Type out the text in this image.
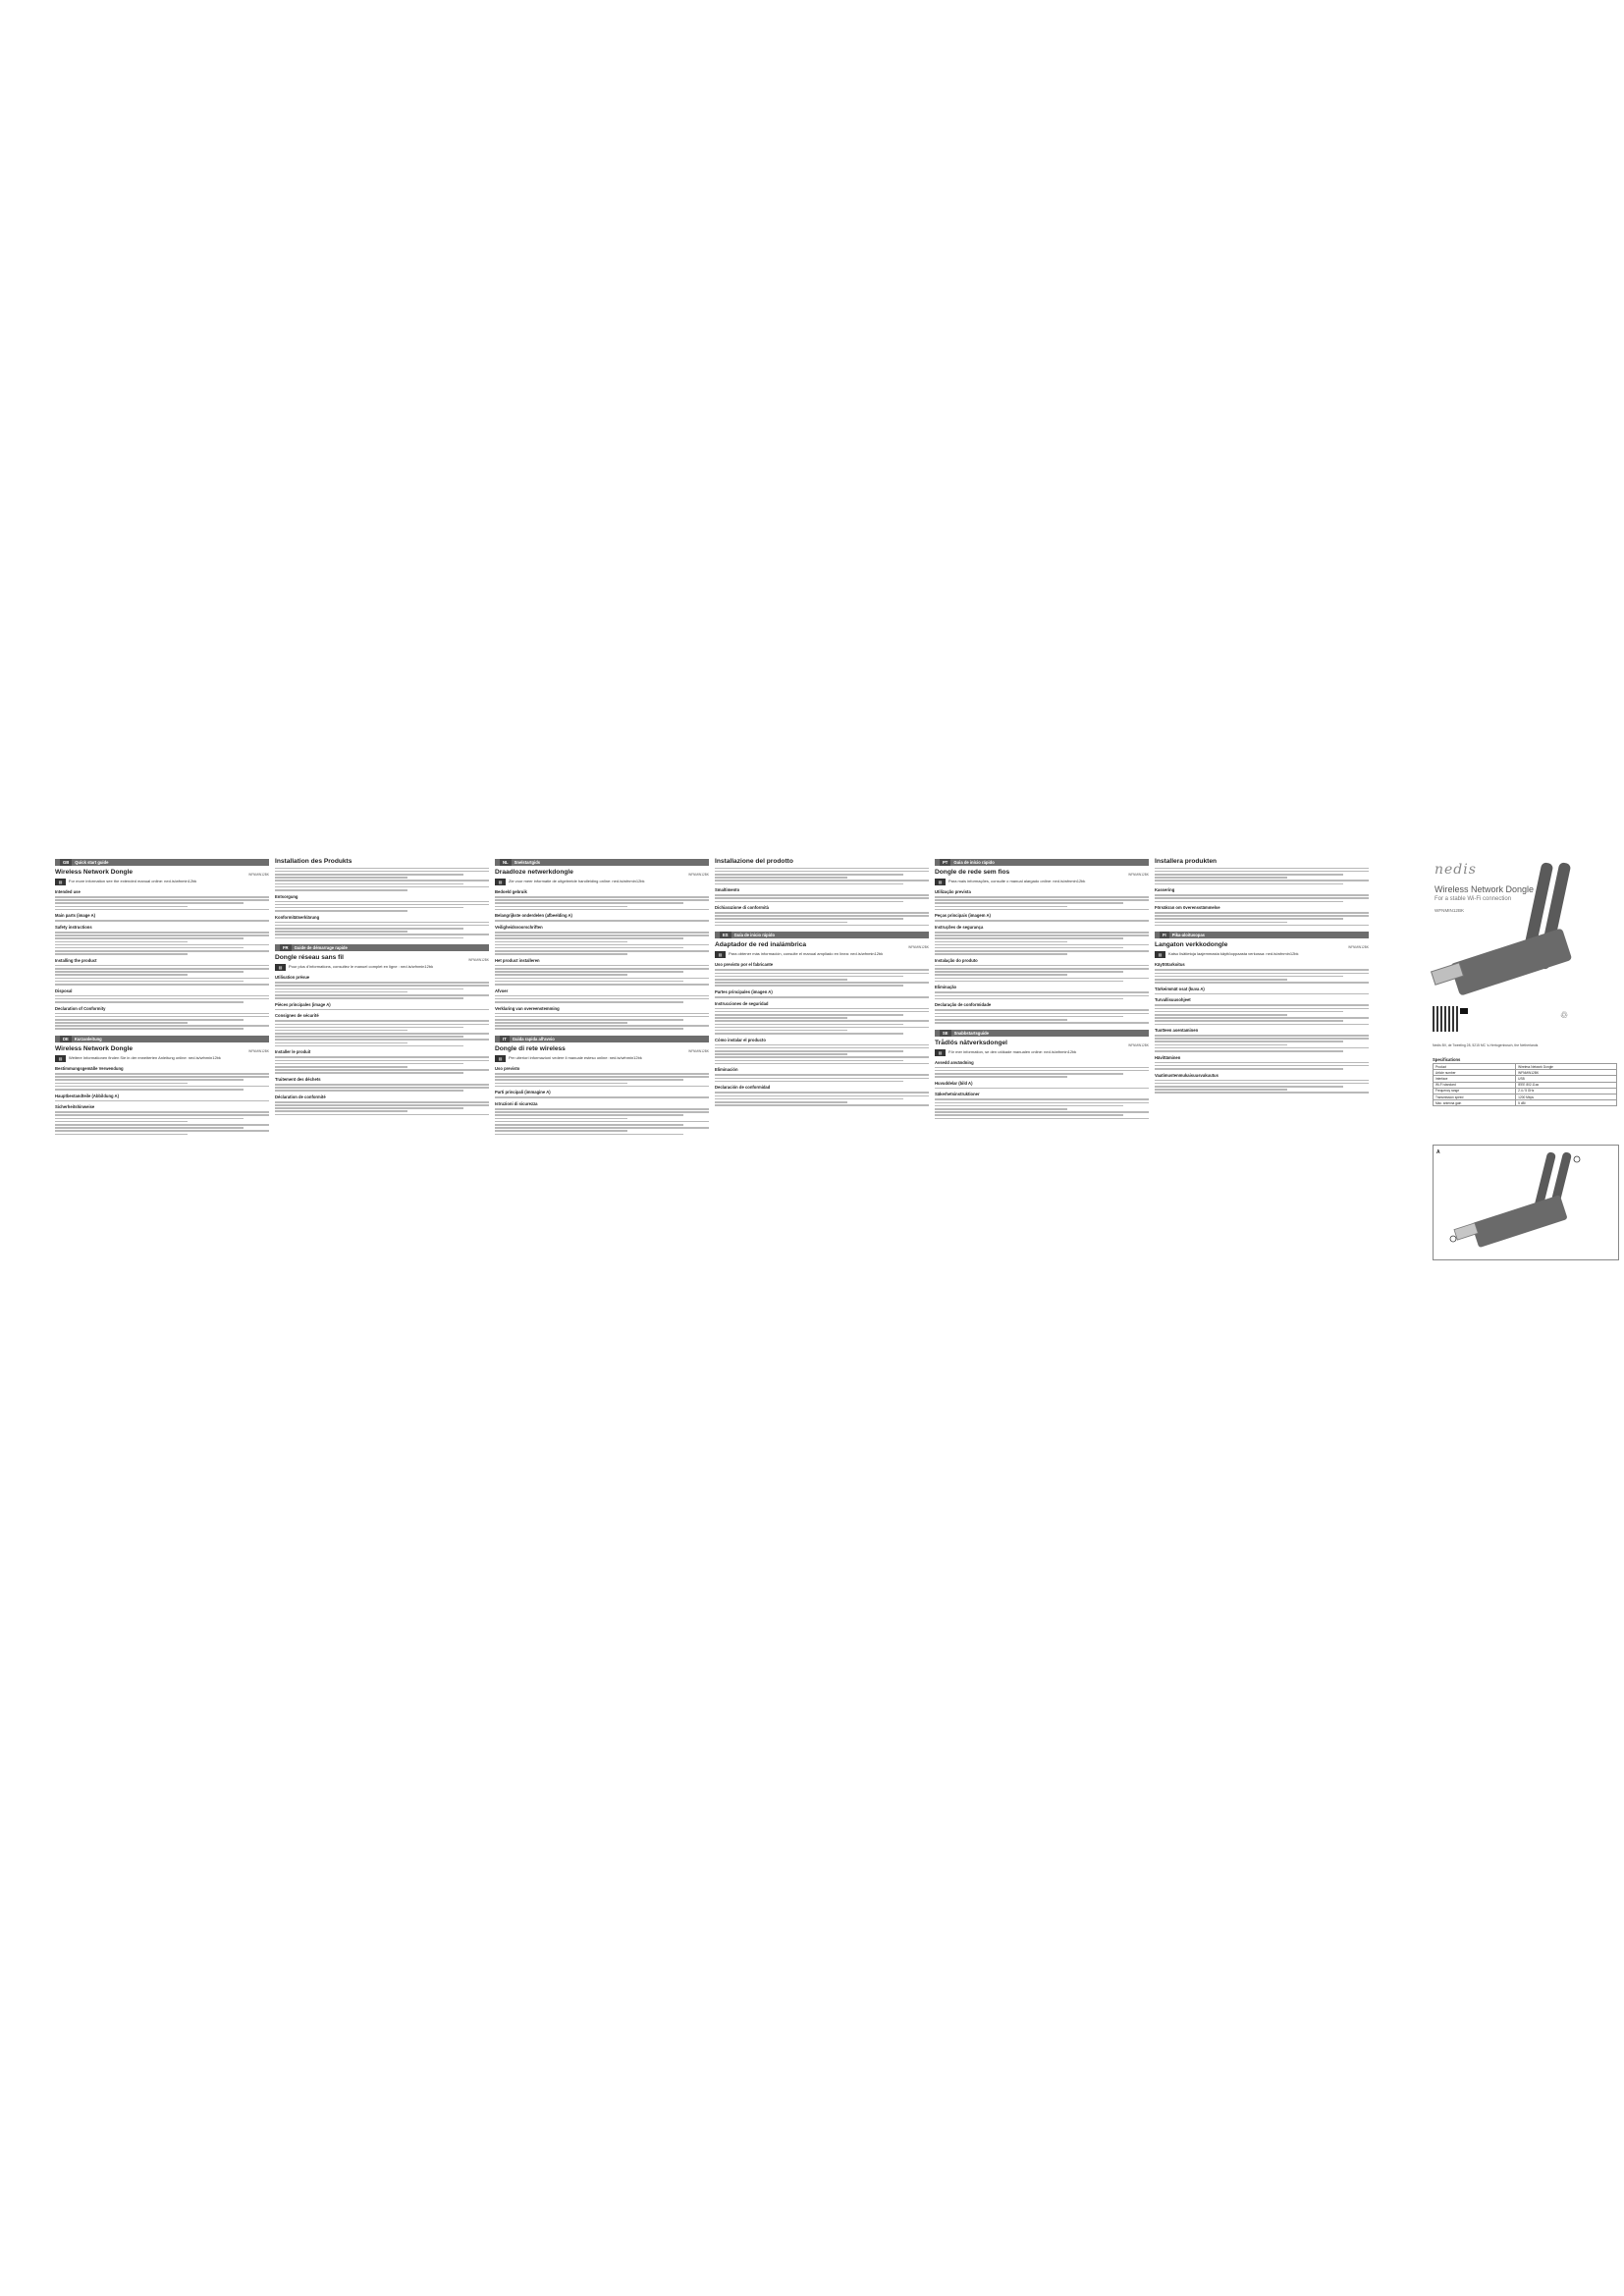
GB Quick start guide
Wireless Network Dongle	WFNMIN12BK
▤	For more information see the extended manual online: ned.is/wfnmin12bk
Intended use
Main parts (image A)
Safety instructions
Installing the product
Disposal
Declaration of Conformity
DE Kurzanleitung
Wireless Network Dongle	WFNMIN12BK
▤	Weitere Informationen finden Sie in der erweiterten Anleitung online: ned.is/wfnmin12bk
Bestimmungsgemäße Verwendung
Hauptbestandteile (Abbildung A)
Sicherheitshinweise
Installation des Produkts
Entsorgung
Konformitätserklärung
FR Guide de démarrage rapide
Dongle réseau sans fil	WFNMIN12BK
▤	Pour plus d'informations, consultez le manuel complet en ligne : ned.is/wfnmin12bk
Utilisation prévue
Pièces principales (image A)
Consignes de sécurité
Installer le produit
Traitement des déchets
Déclaration de conformité
NL Snelstartgids
Draadloze netwerkdongle	WFNMIN12BK
▤	Zie voor meer informatie de uitgebreide handleiding online: ned.is/wfnmin12bk
Bedoeld gebruik
Belangrijkste onderdelen (afbeelding A)
Veiligheidsvoorschriften
Het product installeren
Afvoer
Verklaring van overeenstemming
IT Guida rapida all'avvio
Dongle di rete wireless	WFNMIN12BK
▤	Per ulteriori informazioni vedere il manuale esteso online: ned.is/wfnmin12bk
Uso previsto
Parti principali (immagine A)
Istruzioni di sicurezza
Installazione del prodotto
Smaltimento
Dichiarazione di conformità
ES Guía de inicio rápido
Adaptador de red inalámbrica	WFNMIN12BK
▤	Para obtener más información, consulte el manual ampliado en línea: ned.is/wfnmin12bk
Uso previsto por el fabricante
Partes principales (imagen A)
Instrucciones de seguridad
Cómo instalar el producto
Eliminación
Declaración de conformidad
PT Guia de início rápido
Dongle de rede sem fios	WFNMIN12BK
▤	Para mais informações, consulte o manual alargado online: ned.is/wfnmin12bk
Utilização prevista
Peças principais (imagem A)
Instruções de segurança
Instalação do produto
Eliminação
Declaração de conformidade
SE Snabbstartsguide
Trådlös nätverksdongel	WFNMIN12BK
▤	För mer information, se den utökade manualen online: ned.is/wfnmin12bk
Avsedd användning
Huvuddelar (bild A)
Säkerhetsinstruktioner
Installera produkten
Kassering
Försäkran om överensstämmelse
FI Pika-aloitusopas
Langaton verkkodongle	WFNMIN12BK
▤	Katso lisätietoja laajemmasta käyttöoppaasta verkossa: ned.is/wfnmin12bk
Käyttötarkoitus
Tärkeimmät osat (kuva A)
Turvallisuusohjeet
Tuotteen asentaminen
Hävittäminen
Vaatimustenmukaisuusvakuutus
nedis
Wireless Network Dongle
For a stable Wi-Fi connection
WFNMIN12BK
♲
Nedis BV, de Tweeling 28, 5215 MC 's-Hertogenbosch, the Netherlands
Specifications
Product	Wireless Network Dongle
Article number	WFNMIN12BK
Interface	USB
Wi-Fi standard	IEEE 802.11ac
Frequency range	2.4 / 5 GHz
Transmission speed	1200 Mbps
Max. antenna gain	5 dBi
A
